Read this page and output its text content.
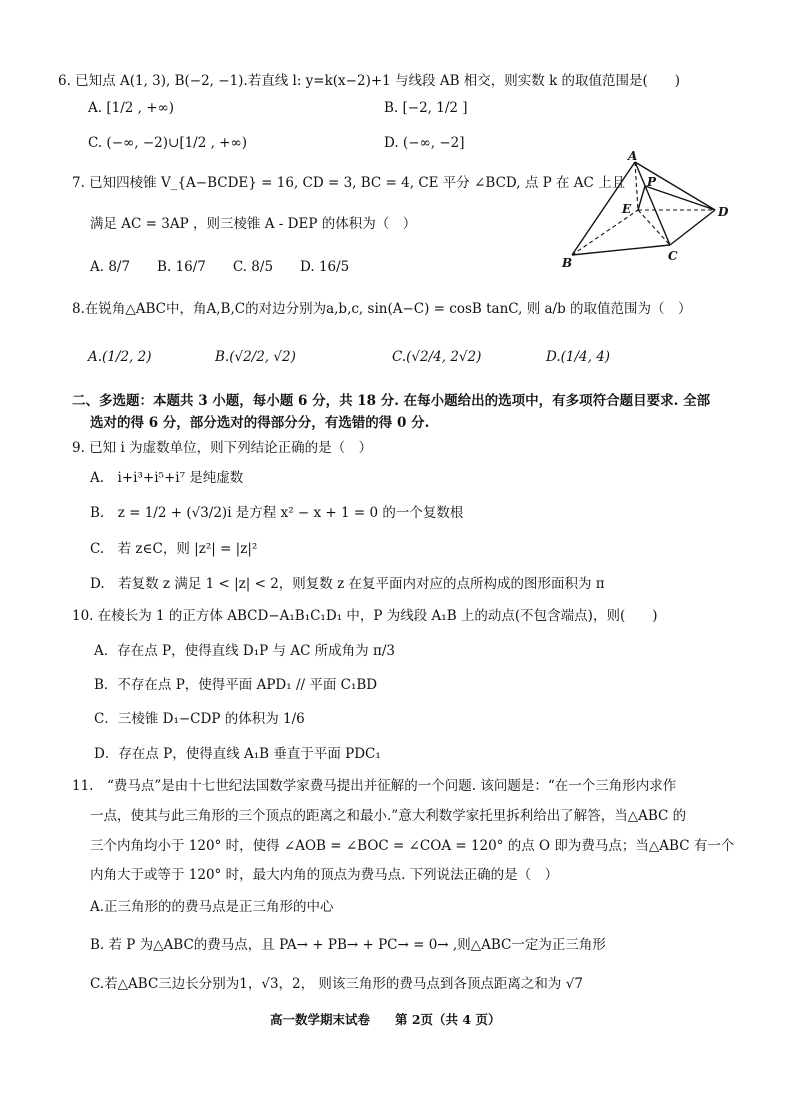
6. 已知点 A(1, 3), B(−2, −1).若直线 l: y=k(x−2)+1 与线段 AB 相交，则实数 k 的取值范围是(　　)
A. [1/2 , +∞)	B. [−2, 1/2 ]
C. (−∞, −2)∪[1/2 , +∞)	D. (−∞, −2]
7. 已知四棱锥 V_{A−BCDE} = 16, CD = 3, BC = 4, CE 平分 ∠BCD, 点 P 在 AC 上且
满足 AC = 3AP ，则三棱锥 A - DEP 的体积为（　）
A. 8/7　　B. 16/7　　C. 8/5　　D. 16/5
A
P
E	D
B	C
8.在锐角△ABC中，角A,B,C的对边分别为a,b,c, sin(A−C) = cosB tanC, 则 a/b 的取值范围为（　）
A.(1/2, 2)	B.(√2/2, √2)	C.(√2/4, 2√2)	D.(1/4, 4)
二、多选题：本题共 3 小题，每小题 6 分，共 18 分. 在每小题给出的选项中，有多项符合题目要求. 全部
选对的得 6 分，部分选对的得部分分，有选错的得 0 分.
9. 已知 i 为虚数单位，则下列结论正确的是（　）
A.　i+i³+i⁵+i⁷ 是纯虚数
B.　z = 1/2 + (√3/2)i 是方程 x² − x + 1 = 0 的一个复数根
C.　若 z∈C，则 |z²| = |z|²
D.　若复数 z 满足 1 < |z| < 2，则复数 z 在复平面内对应的点所构成的图形面积为 π
10. 在棱长为 1 的正方体 ABCD−A₁B₁C₁D₁ 中，P 为线段 A₁B 上的动点(不包含端点)，则(　　)
A．存在点 P，使得直线 D₁P 与 AC 所成角为 π/3
B．不存在点 P，使得平面 APD₁ // 平面 C₁BD
C．三棱锥 D₁−CDP 的体积为 1/6
D．存在点 P，使得直线 A₁B 垂直于平面 PDC₁
11.　“费马点”是由十七世纪法国数学家费马提出并征解的一个问题. 该问题是：“在一个三角形内求作
一点，使其与此三角形的三个顶点的距离之和最小.”意大利数学家托里拆利给出了解答，当△ABC 的
三个内角均小于 120° 时，使得 ∠AOB = ∠BOC = ∠COA = 120° 的点 O 即为费马点；当△ABC 有一个
内角大于或等于 120° 时，最大内角的顶点为费马点. 下列说法正确的是（　）
A.正三角形的的费马点是正三角形的中心
B. 若 P 为△ABC的费马点，且 PA→ + PB→ + PC→ = 0→ ,则△ABC一定为正三角形
C.若△ABC三边长分别为1，√3，2， 则该三角形的费马点到各顶点距离之和为 √7
高一数学期末试卷　　第 2页（共 4 页）
